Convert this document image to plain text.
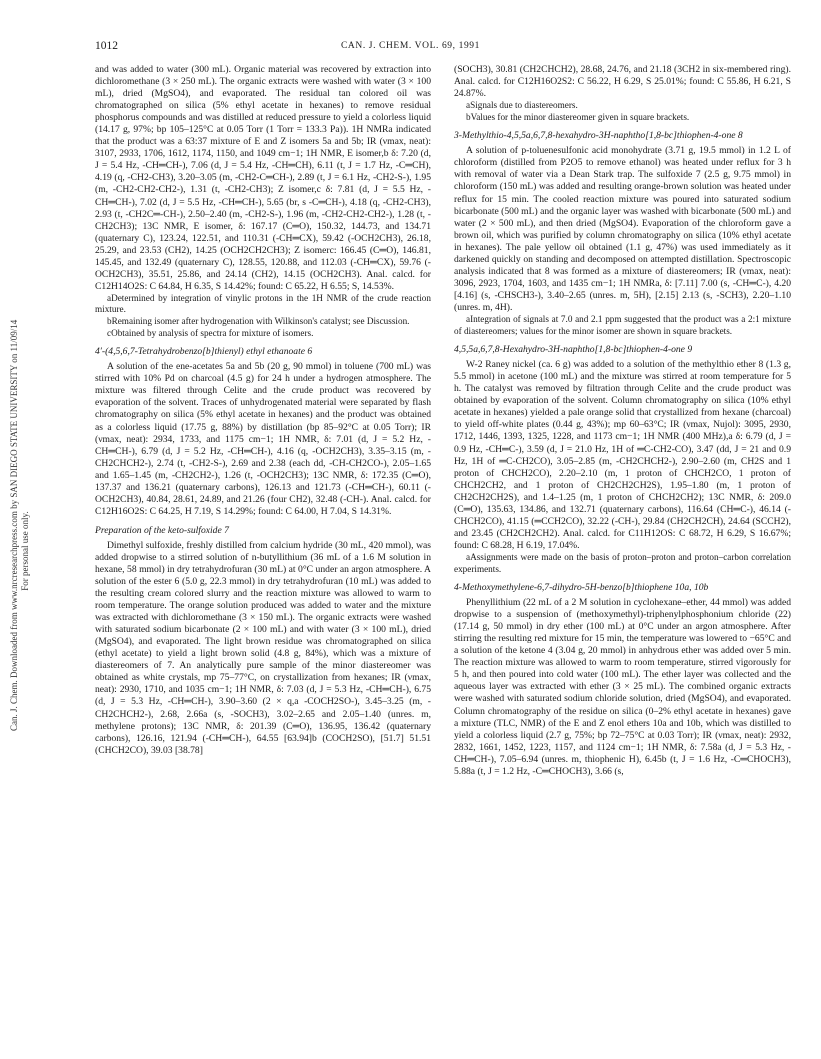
1012	CAN. J. CHEM. VOL. 69, 1991
Can. J. Chem. Downloaded from www.nrcresearchpress.com by SAN DIEGO STATE UNIVERSITY on 11/09/14 For personal use only.

and was added to water (300 mL). Organic material was recovered by extraction into dichloromethane (3 × 250 mL). The organic extracts were washed with water (3 × 100 mL), dried (MgSO4), and evaporated. The residual tan colored oil was chromatographed on silica (5% ethyl acetate in hexanes) to remove residual phosphorus compounds and was distilled at reduced pressure to yield a colorless liquid (14.17 g, 97%; bp 105–125°C at 0.05 Torr (1 Torr = 133.3 Pa)). 1H NMRa indicated that the product was a 63:37 mixture of E and Z isomers 5a and 5b; IR (νmax, neat): 3107, 2933, 1706, 1612, 1174, 1150, and 1049 cm−1; 1H NMR, E isomer,b δ: 7.20 (d, J = 5.4 Hz, -CH═CH-), 7.06 (d, J = 5.4 Hz, -CH═CH), 6.11 (t, J = 1.7 Hz, -C═CH), 4.19 (q, -CH2-CH3), 3.20–3.05 (m, -CH2-C═CH-), 2.89 (t, J = 6.1 Hz, -CH2-S-), 1.95 (m, -CH2-CH2-CH2-), 1.31 (t, -CH2-CH3); Z isomer,c δ: 7.81 (d, J = 5.5 Hz, -CH═CH-), 7.02 (d, J = 5.5 Hz, -CH═CH-), 5.65 (br, s -C═CH-), 4.18 (q, -CH2-CH3), 2.93 (t, -CH2C═-CH-), 2.50–2.40 (m, -CH2-S-), 1.96 (m, -CH2-CH2-CH2-), 1.28 (t, -CH2CH3); 13C NMR, E isomer, δ: 167.17 (C═O), 150.32, 144.73, and 134.71 (quaternary C), 123.24, 122.51, and 110.31 (-CH═CX), 59.42 (-OCH2CH3), 26.18, 25.29, and 23.53 (CH2), 14.25 (OCH2CH2CH3); Z isomerc: 166.45 (C═O), 146.81, 145.45, and 132.49 (quaternary C), 128.55, 120.88, and 112.03 (-CH═CX), 59.76 (-OCH2CH3), 35.51, 25.86, and 24.14 (CH2), 14.15 (OCH2CH3). Anal. calcd. for C12H14O2S: C 64.84, H 6.35, S 14.42%; found: C 65.22, H 6.55; S, 14.53%.

aDetermined by integration of vinylic protons in the 1H NMR of the crude reaction mixture.

bRemaining isomer after hydrogenation with Wilkinson's catalyst; see Discussion.

cObtained by analysis of spectra for mixture of isomers.

4′-(4,5,6,7-Tetrahydrobenzo[b]thienyl) ethyl ethanoate 6

A solution of the ene-acetates 5a and 5b (20 g, 90 mmol) in toluene (700 mL) was stirred with 10% Pd on charcoal (4.5 g) for 24 h under a hydrogen atmosphere. The mixture was filtered through Celite and the crude product was recovered by evaporation of the solvent. Traces of unhydrogenated material were separated by flash chromatography on silica (5% ethyl acetate in hexanes) and the product was obtained as a colorless liquid (17.75 g, 88%) by distillation (bp 85–92°C at 0.05 Torr); IR (νmax, neat): 2934, 1733, and 1175 cm−1; 1H NMR, δ: 7.01 (d, J = 5.2 Hz, -CH═CH-), 6.79 (d, J = 5.2 Hz, -CH═CH-), 4.16 (q, -OCH2CH3), 3.35–3.15 (m, -CH2CHCH2-), 2.74 (t, -CH2-S-), 2.69 and 2.38 (each dd, -CH-CH2CO-), 2.05–1.65 and 1.65–1.45 (m, -CH2CH2-), 1.26 (t, -OCH2CH3); 13C NMR, δ: 172.35 (C═O), 137.37 and 136.21 (quaternary carbons), 126.13 and 121.73 (-CH═CH-), 60.11 (-OCH2CH3), 40.84, 28.61, 24.89, and 21.26 (four CH2), 32.48 (-CH-). Anal. calcd. for C12H16O2S: C 64.25, H 7.19, S 14.29%; found: C 64.00, H 7.04, S 14.31%.

Preparation of the keto-sulfoxide 7

Dimethyl sulfoxide, freshly distilled from calcium hydride (30 mL, 420 mmol), was added dropwise to a stirred solution of n-butyllithium (36 mL of a 1.6 M solution in hexane, 58 mmol) in dry tetrahydrofuran (30 mL) at 0°C under an argon atmosphere. A solution of the ester 6 (5.0 g, 22.3 mmol) in dry tetrahydrofuran (10 mL) was added to the resulting cream colored slurry and the reaction mixture was allowed to warm to room temperature. The orange solution produced was added to water and the mixture was extracted with dichloromethane (3 × 150 mL). The organic extracts were washed with saturated sodium bicarbonate (2 × 100 mL) and with water (3 × 100 mL), dried (MgSO4), and evaporated. The light brown residue was chromatographed on silica (ethyl acetate) to yield a light brown solid (4.8 g, 84%), which was a mixture of diastereomers of 7. An analytically pure sample of the minor diastereomer was obtained as white crystals, mp 75–77°C, on crystallization from hexanes; IR (νmax, neat): 2930, 1710, and 1035 cm−1; 1H NMR, δ: 7.03 (d, J = 5.3 Hz, -CH═CH-), 6.75 (d, J = 5.3 Hz, -CH═CH-), 3.90–3.60 (2 × q,a -COCH2SO-), 3.45–3.25 (m, -CH2CHCH2-), 2.68, 2.66a (s, -SOCH3), 3.02–2.65 and 2.05–1.40 (unres. m, methylene protons); 13C NMR, δ: 201.39 (C═O), 136.95, 136.42 (quaternary carbons), 126.16, 121.94 (-CH═CH-), 64.55 [63.94]b (COCH2SO), [51.7] 51.51 (CHCH2CO), 39.03 [38.78]

(SOCH3), 30.81 (CH2CHCH2), 28.68, 24.76, and 21.18 (3CH2 in six-membered ring). Anal. calcd. for C12H16O2S2: C 56.22, H 6.29, S 25.01%; found: C 55.86, H 6.21, S 24.87%.

aSignals due to diastereomers.

bValues for the minor diastereomer given in square brackets.

3-Methylthio-4,5,5a,6,7,8-hexahydro-3H-naphtho[1,8-bc]thiophen-4-one 8

A solution of p-toluenesulfonic acid monohydrate (3.71 g, 19.5 mmol) in 1.2 L of chloroform (distilled from P2O5 to remove ethanol) was heated under reflux for 3 h with removal of water via a Dean Stark trap. The sulfoxide 7 (2.5 g, 9.75 mmol) in chloroform (150 mL) was added and resulting orange-brown solution was heated under reflux for 15 min. The cooled reaction mixture was poured into saturated sodium bicarbonate (500 mL) and the organic layer was washed with bicarbonate (500 mL) and water (2 × 500 mL), and then dried (MgSO4). Evaporation of the chloroform gave a brown oil, which was purified by column chromatography on silica (10% ethyl acetate in hexanes). The pale yellow oil obtained (1.1 g, 47%) was used immediately as it darkened quickly on standing and decomposed on attempted distillation. Spectroscopic analysis indicated that 8 was formed as a mixture of diastereomers; IR (νmax, neat): 3096, 2923, 1704, 1603, and 1435 cm−1; 1H NMRa, δ: [7.11] 7.00 (s, -CH═C-), 4.20 [4.16] (s, -CHSCH3-), 3.40–2.65 (unres. m, 5H), [2.15] 2.13 (s, -SCH3), 2.20–1.10 (unres. m, 4H).

aIntegration of signals at 7.0 and 2.1 ppm suggested that the product was a 2:1 mixture of diastereomers; values for the minor isomer are shown in square brackets.

4,5,5a,6,7,8-Hexahydro-3H-naphtho[1,8-bc]thiophen-4-one 9

W-2 Raney nickel (ca. 6 g) was added to a solution of the methylthio ether 8 (1.3 g, 5.5 mmol) in acetone (100 mL) and the mixture was stirred at room temperature for 5 h. The catalyst was removed by filtration through Celite and the crude product was obtained by evaporation of the solvent. Column chromatography on silica (10% ethyl acetate in hexanes) yielded a pale orange solid that crystallized from hexane (charcoal) to yield off-white plates (0.44 g, 43%); mp 60–63°C; IR (νmax, Nujol): 3095, 2930, 1712, 1446, 1393, 1325, 1228, and 1173 cm−1; 1H NMR (400 MHz),a δ: 6.79 (d, J = 0.9 Hz, -CH═C-), 3.59 (d, J = 21.0 Hz, 1H of ═C-CH2-CO), 3.47 (dd, J = 21 and 0.9 Hz, 1H of ═C-CH2CO), 3.05–2.85 (m, -CH2CHCH2-), 2.90–2.60 (m, CH2S and 1 proton of CHCH2CO), 2.20–2.10 (m, 1 proton of CHCH2CO, 1 proton of CHCH2CH2, and 1 proton of CH2CH2CH2S), 1.95–1.80 (m, 1 proton of CH2CH2CH2S), and 1.4–1.25 (m, 1 proton of CHCH2CH2); 13C NMR, δ: 209.0 (C═O), 135.63, 134.86, and 132.71 (quaternary carbons), 116.64 (CH═C-), 46.14 (-CHCH2CO), 41.15 (═CCH2CO), 32.22 (-CH-), 29.84 (CH2CH2CH), 24.64 (SCCH2), and 23.45 (CH2CH2CH2). Anal. calcd. for C11H12OS: C 68.72, H 6.29, S 16.67%; found: C 68.28, H 6.19, 17.04%.

aAssignments were made on the basis of proton–proton and proton–carbon correlation experiments.

4-Methoxymethylene-6,7-dihydro-5H-benzo[b]thiophene 10a, 10b

Phenyllithium (22 mL of a 2 M solution in cyclohexane–ether, 44 mmol) was added dropwise to a suspension of (methoxymethyl)-triphenylphosphonium chloride (22) (17.14 g, 50 mmol) in dry ether (100 mL) at 0°C under an argon atmosphere. After stirring the resulting red mixture for 15 min, the temperature was lowered to −65°C and a solution of the ketone 4 (3.04 g, 20 mmol) in anhydrous ether was added over 5 min. The reaction mixture was allowed to warm to room temperature, stirred vigorously for 5 h, and then poured into cold water (100 mL). The ether layer was collected and the aqueous layer was extracted with ether (3 × 25 mL). The combined organic extracts were washed with saturated sodium chloride solution, dried (MgSO4), and evaporated. Column chromatography of the residue on silica (0–2% ethyl acetate in hexanes) gave a mixture (TLC, NMR) of the E and Z enol ethers 10a and 10b, which was distilled to yield a colorless liquid (2.7 g, 75%; bp 72–75°C at 0.03 Torr); IR (νmax, neat): 2932, 2832, 1661, 1452, 1223, 1157, and 1124 cm−1; 1H NMR, δ: 7.58a (d, J = 5.3 Hz, -CH═CH-), 7.05–6.94 (unres. m, thiophenic H), 6.45b (t, J = 1.6 Hz, -C═CHOCH3), 5.88a (t, J = 1.2 Hz, -C═CHOCH3), 3.66 (s,
